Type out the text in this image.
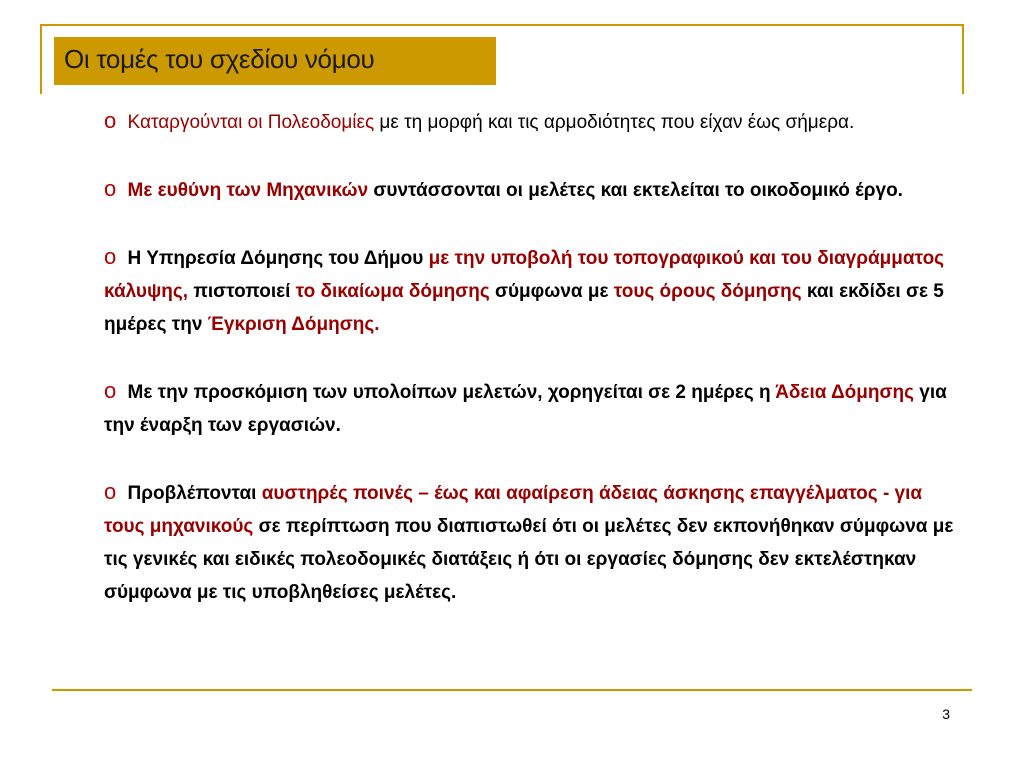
Οι τομές του σχεδίου νόμου
o Καταργούνται οι Πολεοδομίες με τη μορφή και τις αρμοδιότητες που είχαν έως σήμερα.
o Με ευθύνη των Μηχανικών συντάσσονται οι μελέτες και εκτελείται το οικοδομικό έργο.
o Η Υπηρεσία Δόμησης του Δήμου με την υποβολή του τοπογραφικού και του διαγράμματος κάλυψης, πιστοποιεί το δικαίωμα δόμησης σύμφωνα με τους όρους δόμησης και εκδίδει σε 5 ημέρες την Έγκριση Δόμησης.
o Με την προσκόμιση των υπολοίπων μελετών, χορηγείται σε 2 ημέρες η Άδεια Δόμησης για την έναρξη των εργασιών.
o Προβλέπονται αυστηρές ποινές – έως και αφαίρεση άδειας άσκησης επαγγέλματος - για τους μηχανικούς σε περίπτωση που διαπιστωθεί ότι οι μελέτες δεν εκπονήθηκαν σύμφωνα με τις γενικές και ειδικές πολεοδομικές διατάξεις ή ότι οι εργασίες δόμησης δεν εκτελέστηκαν σύμφωνα με τις υποβληθείσες μελέτες.
3
